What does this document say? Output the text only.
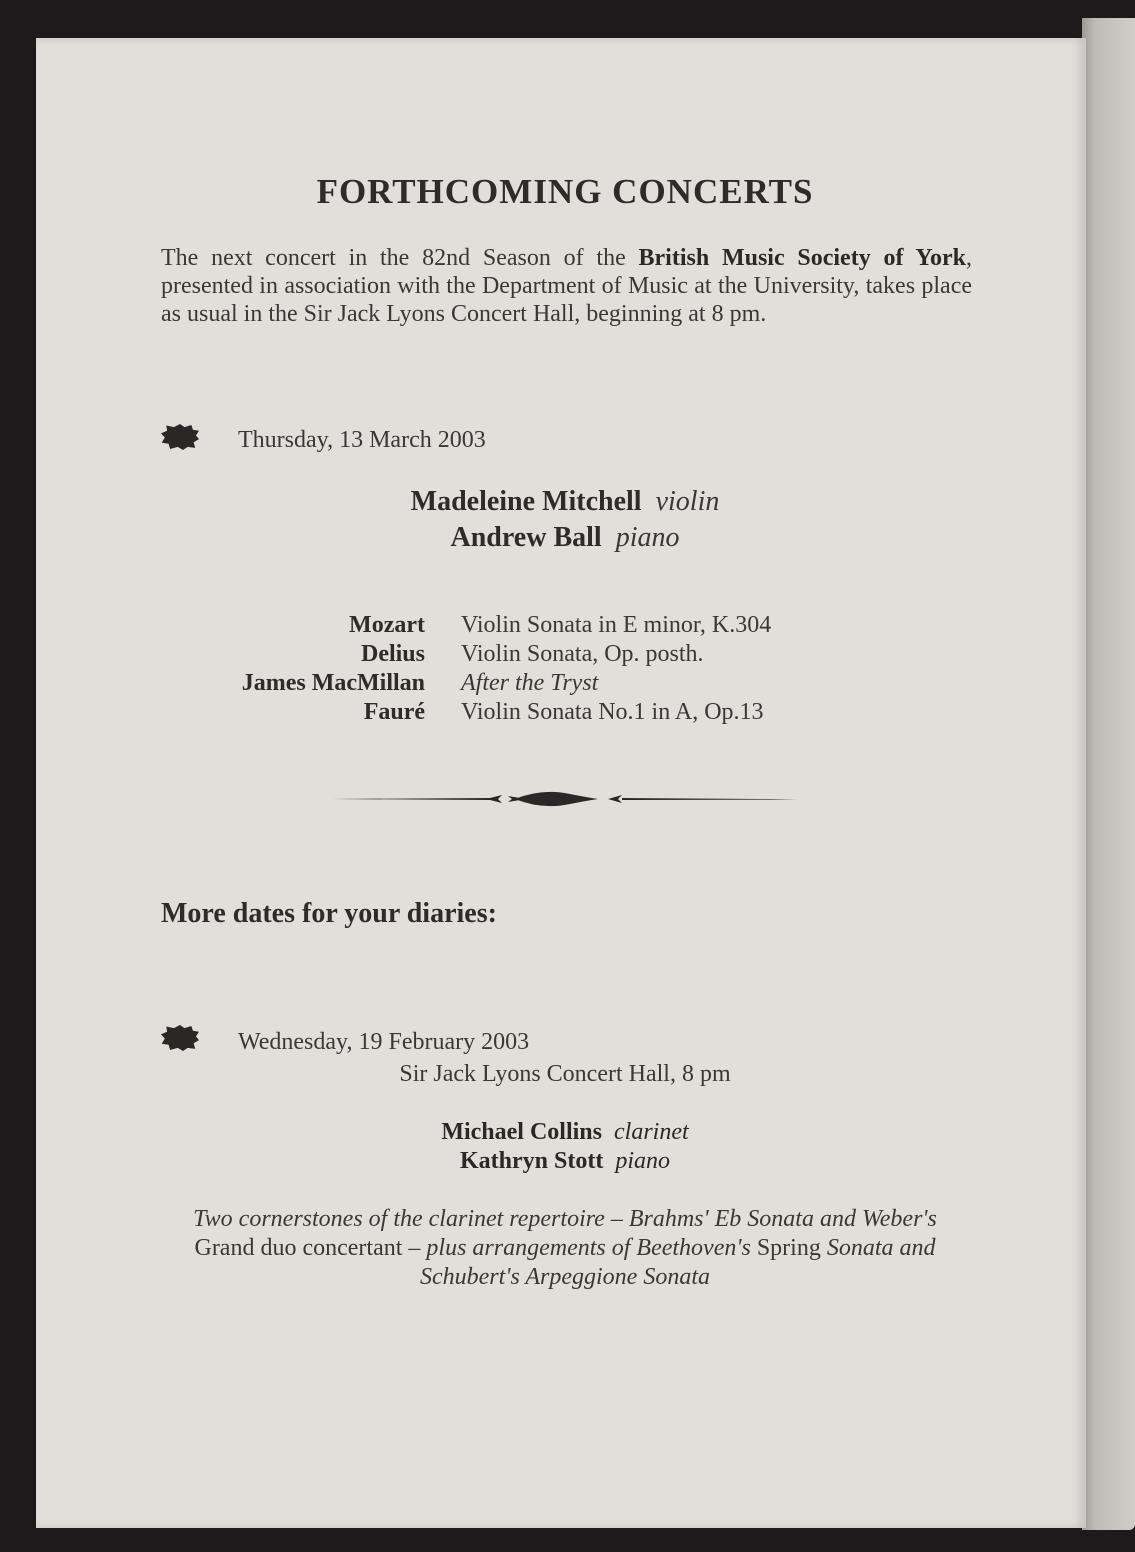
FORTHCOMING CONCERTS
The next concert in the 82nd Season of the British Music Society of York, presented in association with the Department of Music at the University, takes place as usual in the Sir Jack Lyons Concert Hall, beginning at 8 pm.
Thursday, 13 March 2003
Madeleine Mitchell violin
Andrew Ball piano
Mozart Violin Sonata in E minor, K.304
Delius Violin Sonata, Op. posth.
James MacMillan After the Tryst
Fauré Violin Sonata No.1 in A, Op.13
More dates for your diaries:
Wednesday, 19 February 2003
Sir Jack Lyons Concert Hall, 8 pm
Michael Collins clarinet
Kathryn Stott piano
Two cornerstones of the clarinet repertoire – Brahms' Eb Sonata and Weber's
Grand duo concertant – plus arrangements of Beethoven's Spring Sonata and
Schubert's Arpeggione Sonata
